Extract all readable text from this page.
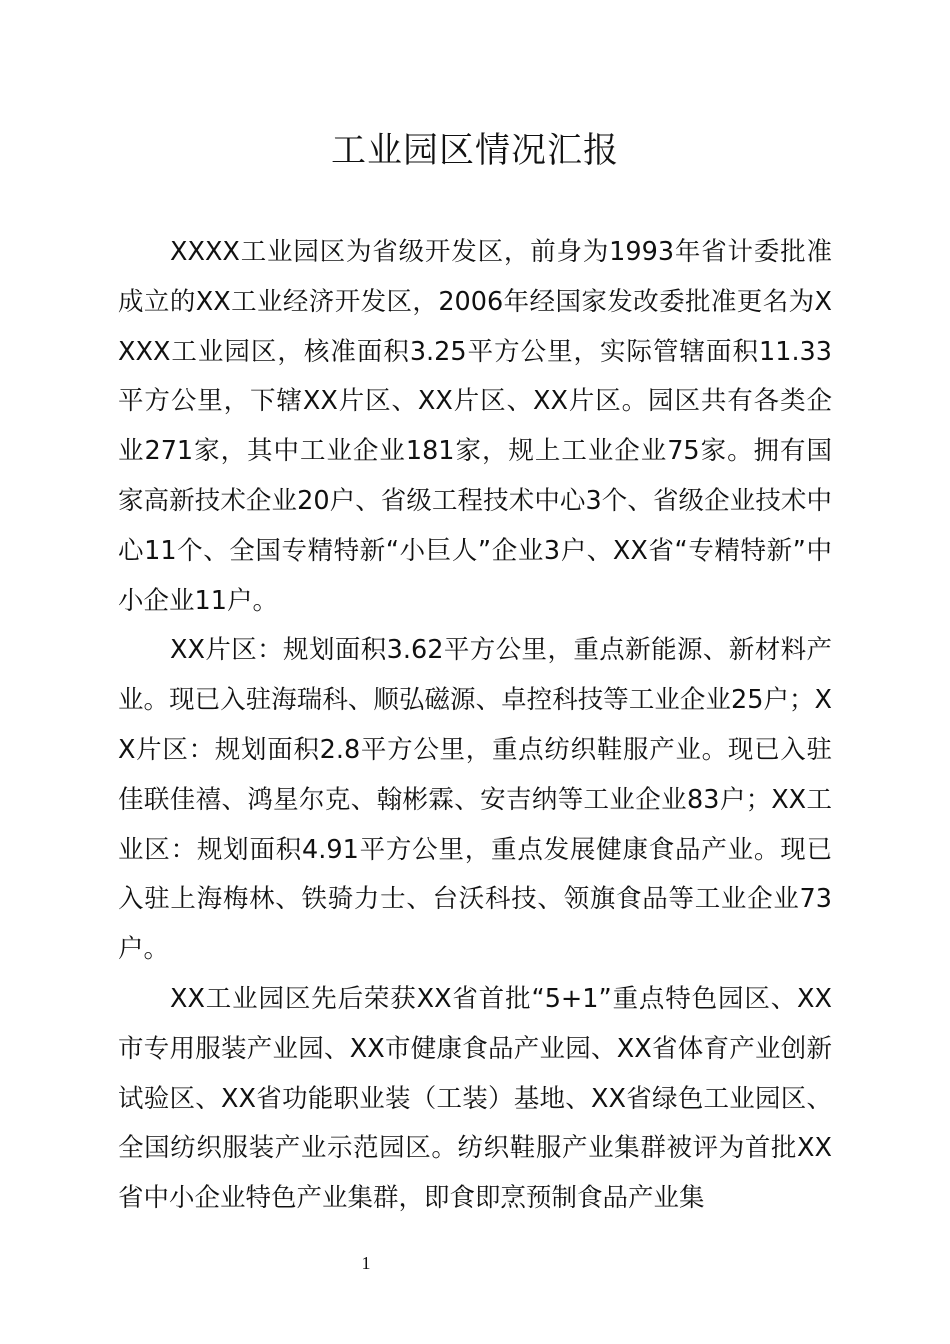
工业园区情况汇报

XXXX工业园区为省级开发区，前身为1993年省计委批准成立的XX工业经济开发区，2006年经国家发改委批准更名为XXXX工业园区，核准面积3.25平方公里，实际管辖面积11.33平方公里，下辖XX片区、XX片区、XX片区。园区共有各类企业271家，其中工业企业181家，规上工业企业75家。拥有国家高新技术企业20户、省级工程技术中心3个、省级企业技术中心11个、全国专精特新“小巨人”企业3户、XX省“专精特新”中小企业11户。

XX片区：规划面积3.62平方公里，重点新能源、新材料产业。现已入驻海瑞科、顺弘磁源、卓控科技等工业企业25户；XX片区：规划面积2.8平方公里，重点纺织鞋服产业。现已入驻佳联佳禧、鸿星尔克、翰彬霖、安吉纳等工业企业83户；XX工业区：规划面积4.91平方公里，重点发展健康食品产业。现已入驻上海梅林、铁骑力士、台沃科技、领旗食品等工业企业73户。

XX工业园区先后荣获XX省首批“5+1”重点特色园区、XX市专用服装产业园、XX市健康食品产业园、XX省体育产业创新试验区、XX省功能职业装（工装）基地、XX省绿色工业园区、全国纺织服装产业示范园区。纺织鞋服产业集群被评为首批XX省中小企业特色产业集群，即食即烹预制食品产业集

1
